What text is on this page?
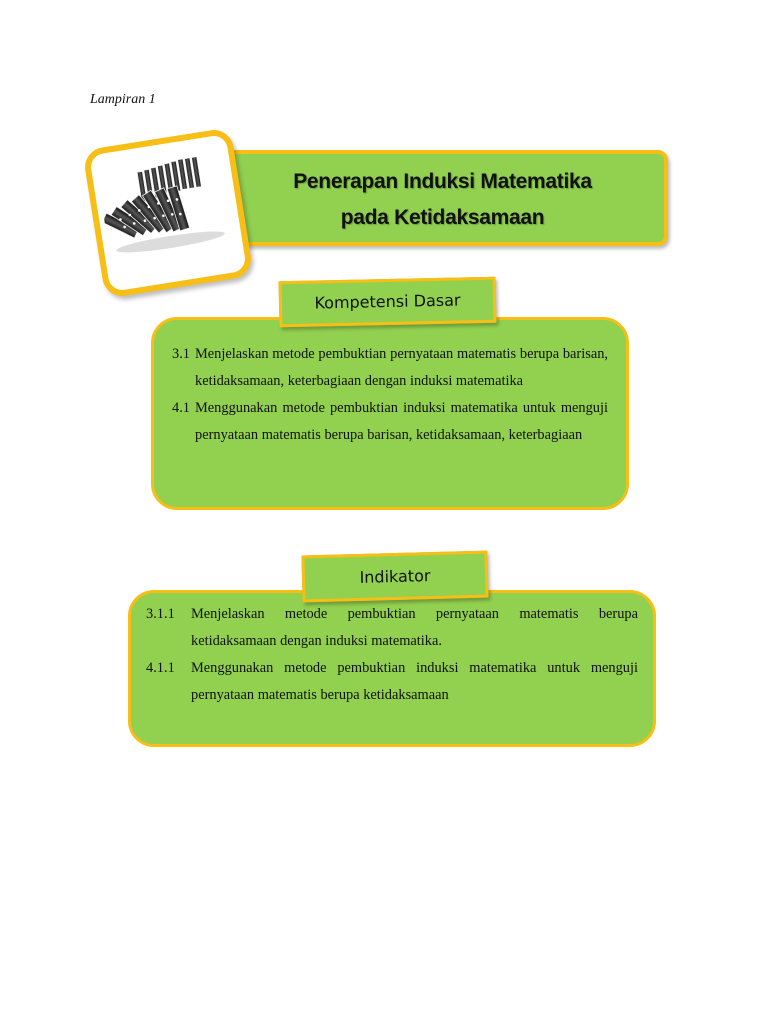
Lampiran 1
Penerapan Induksi Matematika
pada Ketidaksamaan
Kompetensi Dasar
3.1 Menjelaskan metode pembuktian pernyataan matematis berupa barisan, ketidaksamaan, keterbagiaan dengan induksi matematika
4.1 Menggunakan metode pembuktian induksi matematika untuk menguji pernyataan matematis berupa barisan, ketidaksamaan, keterbagiaan
Indikator
3.1.1 Menjelaskan metode pembuktian pernyataan matematis berupa ketidaksamaan dengan induksi matematika.
4.1.1 Menggunakan metode pembuktian induksi matematika untuk menguji pernyataan matematis berupa ketidaksamaan
